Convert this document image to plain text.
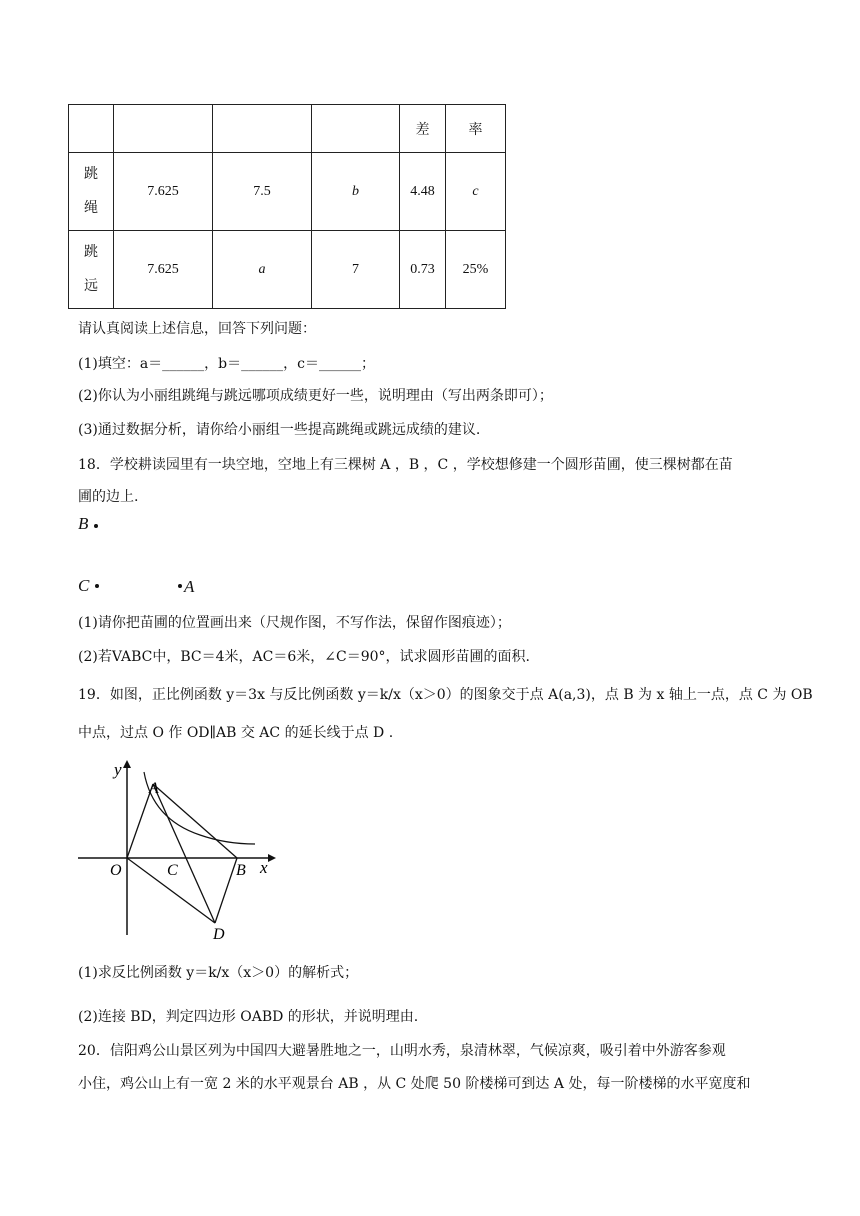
				差	率

跳绳	7.625	7.5	b	4.48	c

跳远	7.625	a	7	0.73	25%
请认真阅读上述信息，回答下列问题：
(1)填空：a＝______，b＝______，c＝______；
(2)你认为小丽组跳绳与跳远哪项成绩更好一些，说明理由（写出两条即可）；
(3)通过数据分析，请你给小丽组一些提高跳绳或跳远成绩的建议.
18．学校耕读园里有一块空地，空地上有三棵树 A ，B ，C ，学校想修建一个圆形苗圃，使三棵树都在苗
圃的边上.
B
C	A
(1)请你把苗圃的位置画出来（尺规作图，不写作法，保留作图痕迹）；
(2)若VABC中，BC＝4米，AC＝6米，∠C＝90°，试求圆形苗圃的面积.
19．如图，正比例函数 y＝3x 与反比例函数 y＝k/x（x＞0）的图象交于点 A(a,3)，点 B 为 x 轴上一点，点 C 为 OB
中点，过点 O 作 OD∥AB 交 AC 的延长线于点 D .
y
x
O
A
C	B
D
(1)求反比例函数 y＝k/x（x＞0）的解析式；
(2)连接 BD，判定四边形 OABD 的形状，并说明理由.
20．信阳鸡公山景区列为中国四大避暑胜地之一，山明水秀，泉清林翠，气候凉爽，吸引着中外游客参观
小住，鸡公山上有一宽 2 米的水平观景台 AB ，从 C 处爬 50 阶楼梯可到达 A 处，每一阶楼梯的水平宽度和
